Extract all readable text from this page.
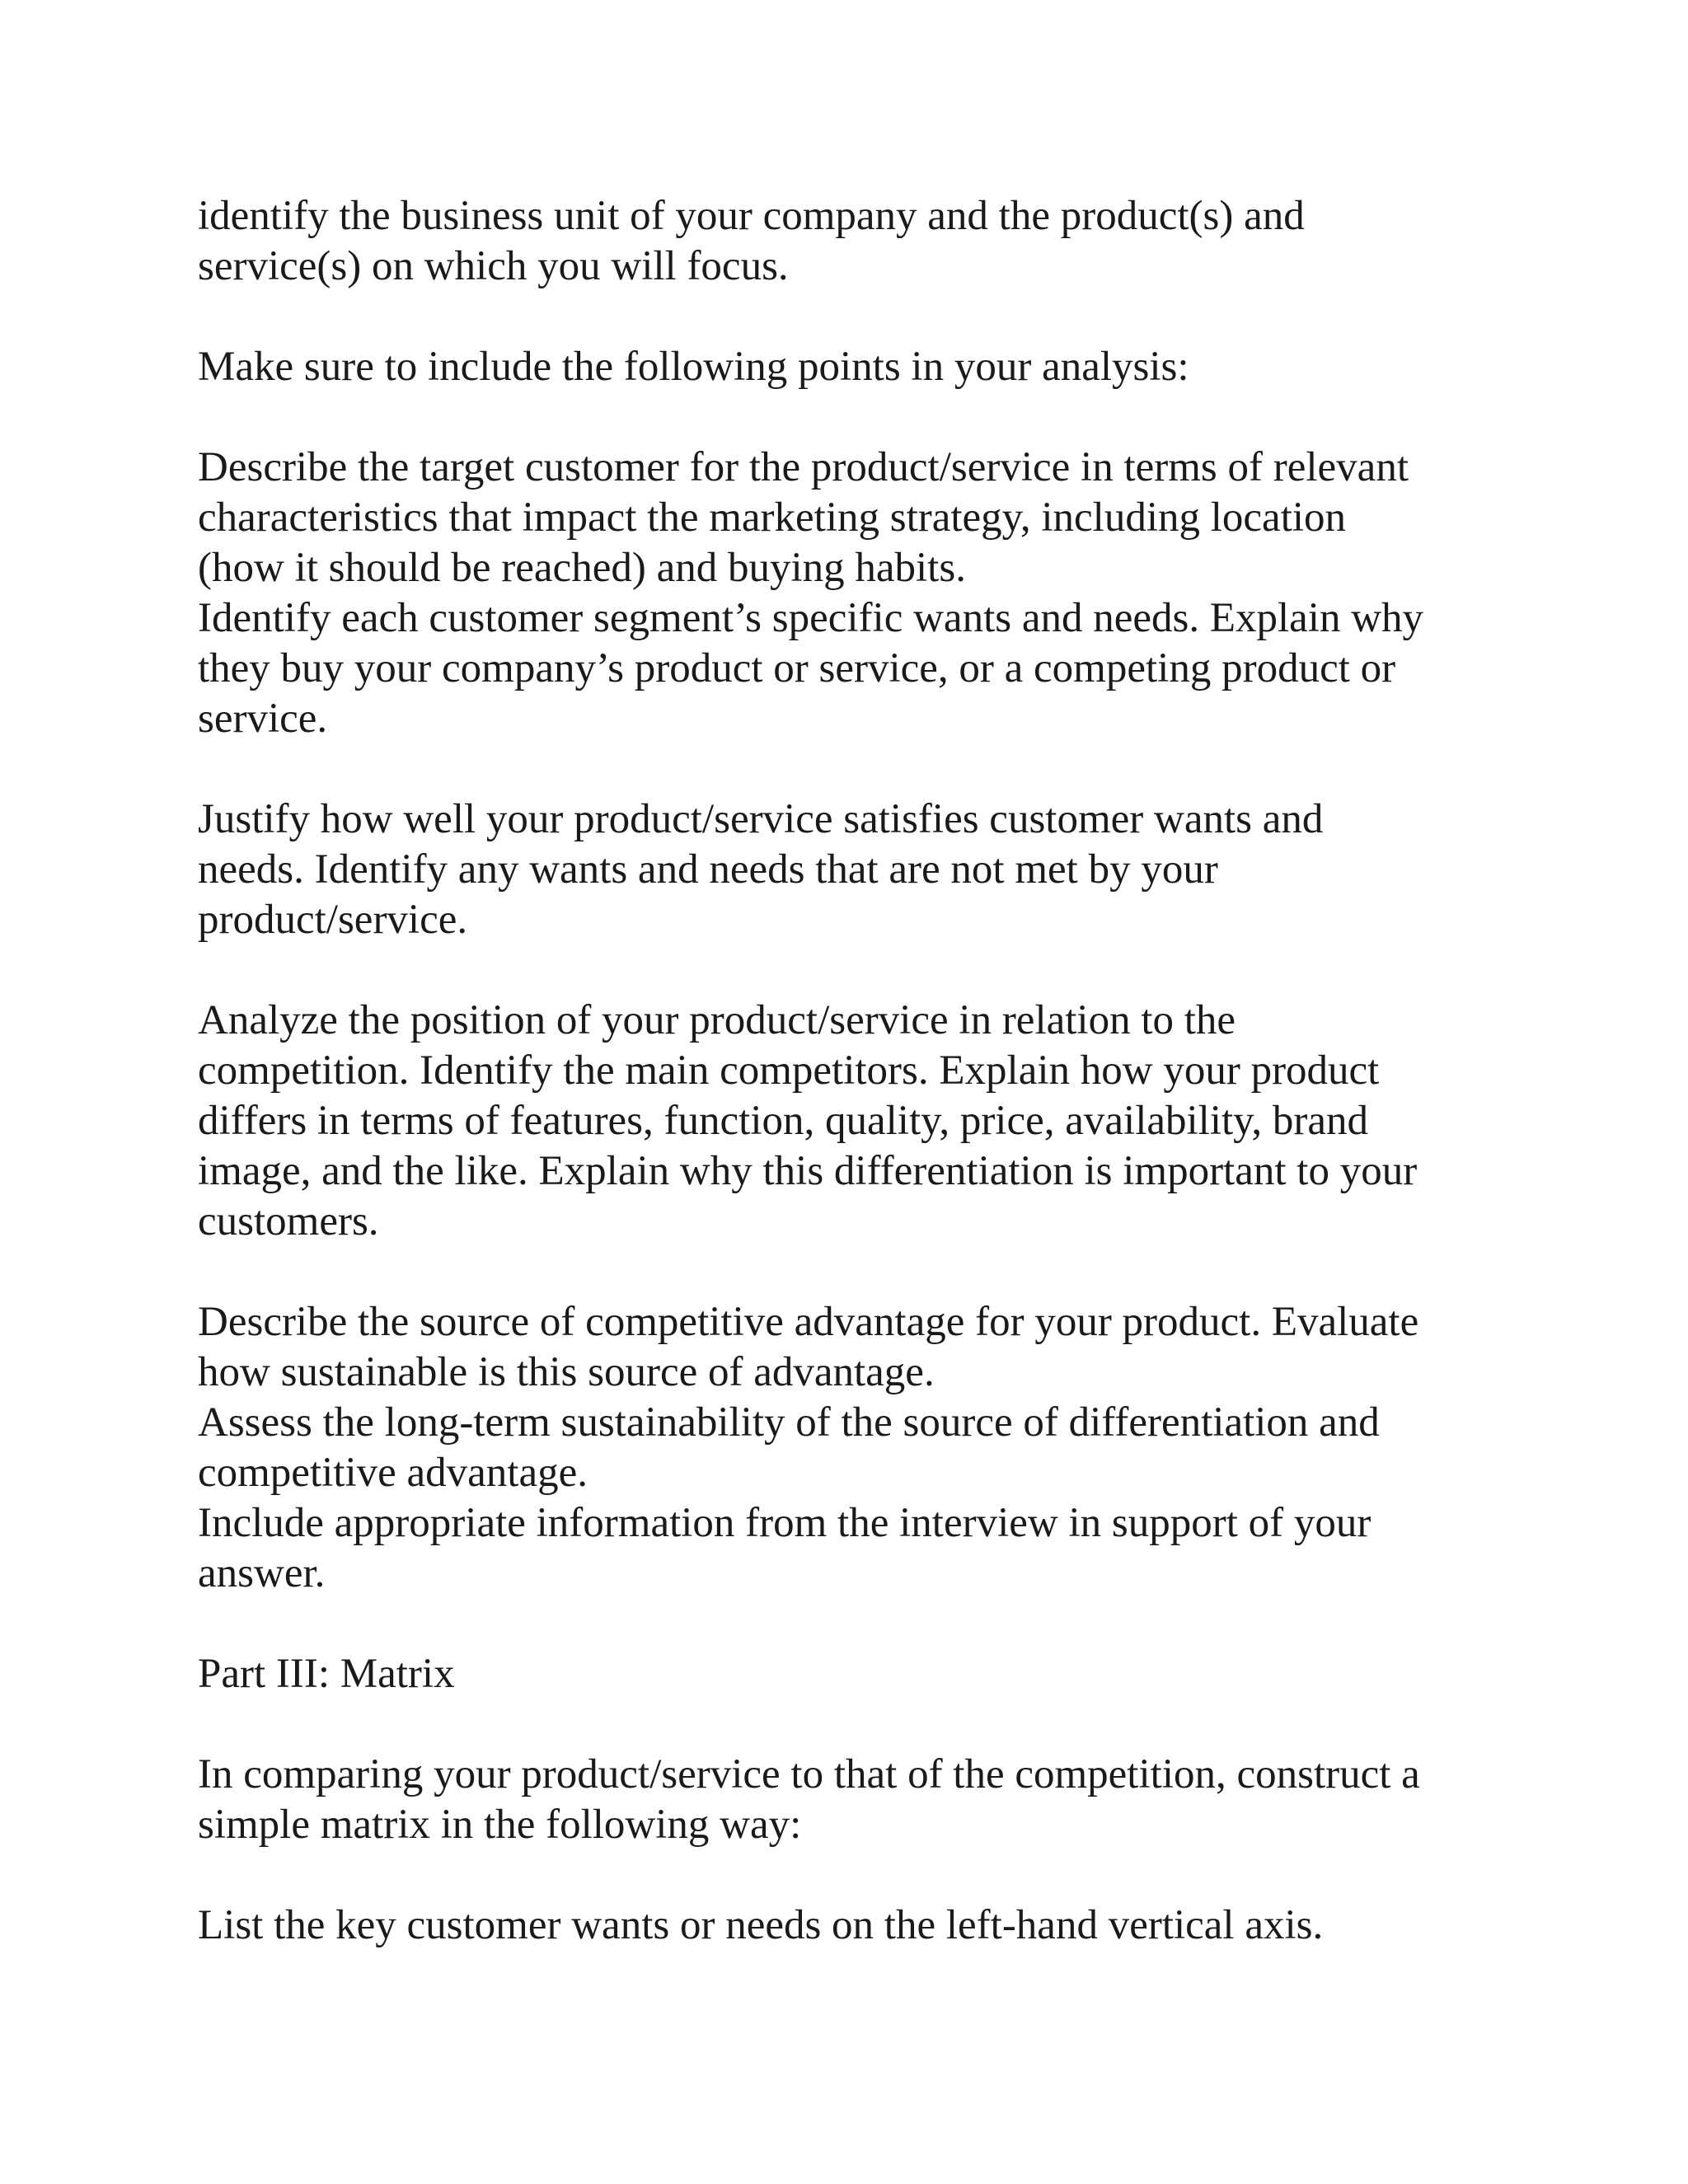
identify the business unit of your company and the product(s) and
service(s) on which you will focus.
Make sure to include the following points in your analysis:
Describe the target customer for the product/service in terms of relevant
characteristics that impact the marketing strategy, including location
(how it should be reached) and buying habits.
Identify each customer segment’s specific wants and needs. Explain why
they buy your company’s product or service, or a competing product or
service.
Justify how well your product/service satisfies customer wants and
needs. Identify any wants and needs that are not met by your
product/service.
Analyze the position of your product/service in relation to the
competition. Identify the main competitors. Explain how your product
differs in terms of features, function, quality, price, availability, brand
image, and the like. Explain why this differentiation is important to your
customers.
Describe the source of competitive advantage for your product. Evaluate
how sustainable is this source of advantage.
Assess the long-term sustainability of the source of differentiation and
competitive advantage.
Include appropriate information from the interview in support of your
answer.
Part III: Matrix
In comparing your product/service to that of the competition, construct a
simple matrix in the following way:
List the key customer wants or needs on the left-hand vertical axis.
